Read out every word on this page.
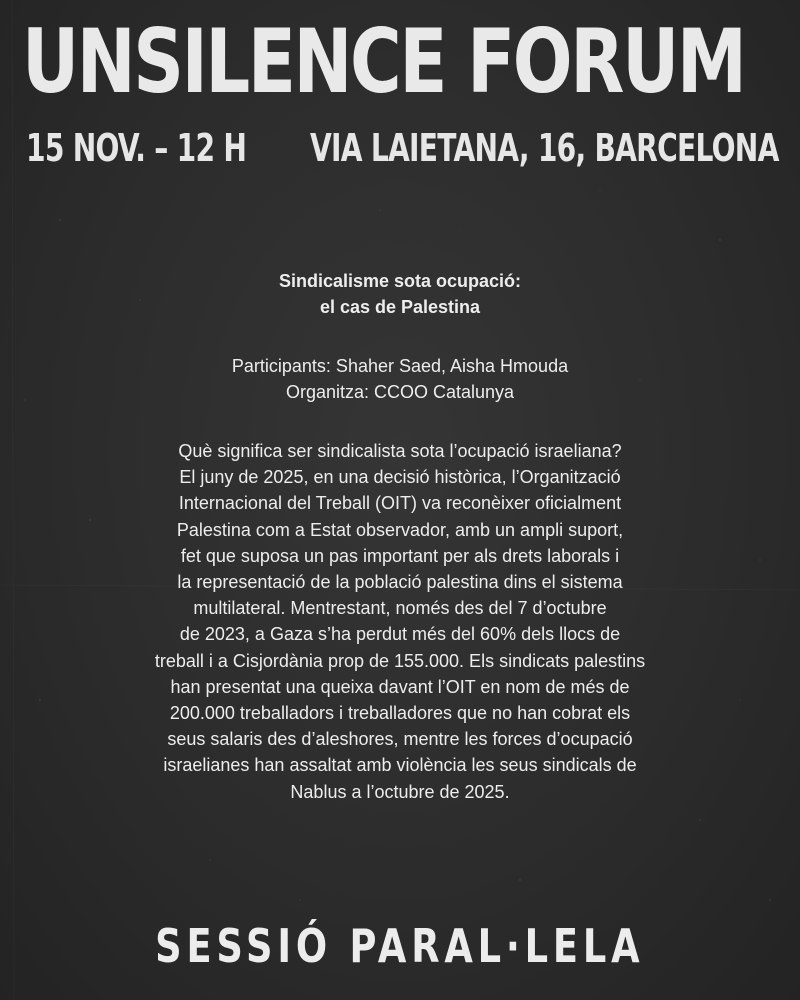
UNSILENCE FORUM
15 NOV. – 12 H VIA LAIETANA, 16, BARCELONA
Sindicalisme sota ocupació:
el cas de Palestina
Participants: Shaher Saed, Aisha Hmouda
Organitza: CCOO Catalunya
Què significa ser sindicalista sota l’ocupació israeliana?
El juny de 2025, en una decisió històrica, l’Organització
Internacional del Treball (OIT) va reconèixer oficialment
Palestina com a Estat observador, amb un ampli suport,
fet que suposa un pas important per als drets laborals i
la representació de la població palestina dins el sistema
multilateral. Mentrestant, només des del 7 d’octubre
de 2023, a Gaza s’ha perdut més del 60% dels llocs de
treball i a Cisjordània prop de 155.000. Els sindicats palestins
han presentat una queixa davant l’OIT en nom de més de
200.000 treballadors i treballadores que no han cobrat els
seus salaris des d’aleshores, mentre les forces d’ocupació
israelianes han assaltat amb violència les seus sindicals de
Nablus a l’octubre de 2025.
SESSIÓ PARAL·LELA
